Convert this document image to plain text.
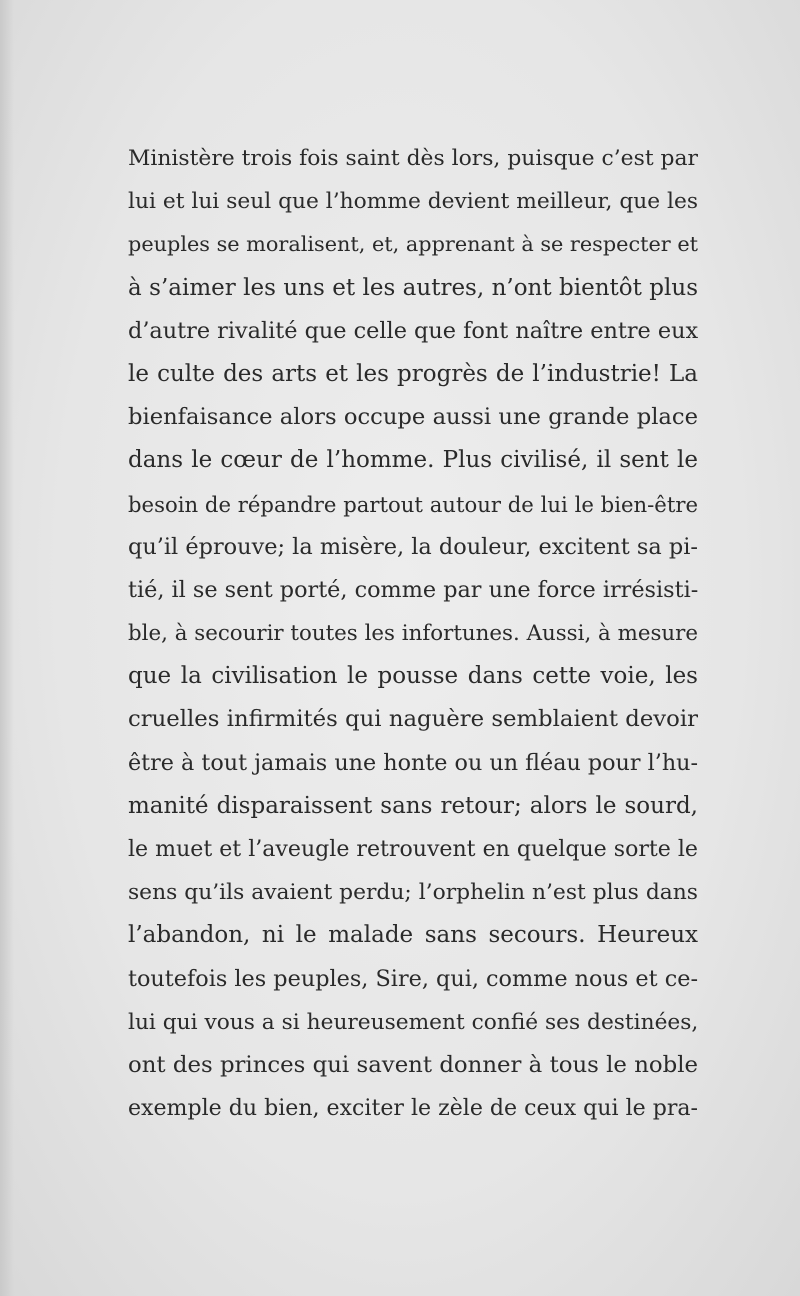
Ministère trois fois saint dès lors, puisque c’est par
lui et lui seul que l’homme devient meilleur, que les
peuples se moralisent, et, apprenant à se respecter et
à s’aimer les uns et les autres, n’ont bientôt plus
d’autre rivalité que celle que font naître entre eux
le culte des arts et les progrès de l’industrie! La
bienfaisance alors occupe aussi une grande place
dans le cœur de l’homme. Plus civilisé, il sent le
besoin de répandre partout autour de lui le bien-être
qu’il éprouve; la misère, la douleur, excitent sa pi-
tié, il se sent porté, comme par une force irrésisti-
ble, à secourir toutes les infortunes. Aussi, à mesure
que la civilisation le pousse dans cette voie, les
cruelles infirmités qui naguère semblaient devoir
être à tout jamais une honte ou un fléau pour l’hu-
manité disparaissent sans retour; alors le sourd,
le muet et l’aveugle retrouvent en quelque sorte le
sens qu’ils avaient perdu; l’orphelin n’est plus dans
l’abandon, ni le malade sans secours. Heureux
toutefois les peuples, Sire, qui, comme nous et ce-
lui qui vous a si heureusement confié ses destinées,
ont des princes qui savent donner à tous le noble
exemple du bien, exciter le zèle de ceux qui le pra-
